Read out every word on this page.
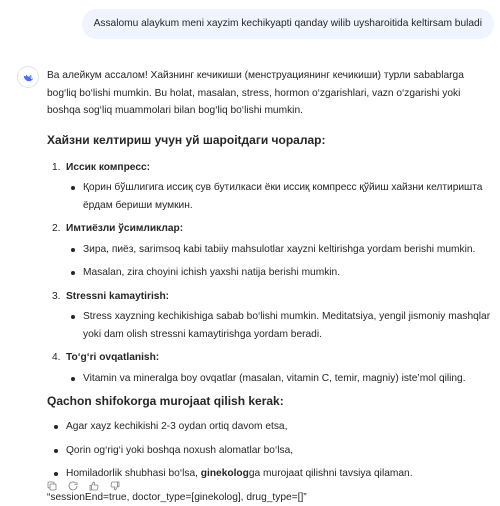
Assalomu alaykum meni xayzim kechikyapti qanday wilib uysharoitida keltirsam buladi

Ва алейкум ассалом! Хайзнинг кечикиши (менструациянинг кечикиши) турли sabablarga bog‘liq bo‘lishi mumkin. Bu holat, masalan, stress, hormon o‘zgarishlari, vazn o‘zgarishi yoki boshqa sog‘liq muammolari bilan bog‘liq bo‘lishi mumkin.

Хайзни келтириш учун уй шароitдаги чоралар:
1. Иссик компресс:
Қорин бўшлигига иссиқ сув бутилкаси ёки иссиқ компресс қўйиш хайзни келтиришта ёрдам бериши мумкин.
2. Имтиёзли ўсимликлар:
Зира, пиёз, sarimsoq kabi tabiiy mahsulotlar xayzni keltirishga yordam berishi mumkin.
Masalan, zira choyini ichish yaxshi natija berishi mumkin.
3. Stressni kamaytirish:
Stress xayzning kechikishiga sabab bo‘lishi mumkin. Meditatsiya, yengil jismoniy mashqlar yoki dam olish stressni kamaytirishga yordam beradi.
4. To‘g‘ri ovqatlanish:
Vitamin va mineralga boy ovqatlar (masalan, vitamin C, temir, magniy) iste’mol qiling.
Qachon shifokorga murojaat qilish kerak:
Agar xayz kechikishi 2-3 oydan ortiq davom etsa,
Qorin og‘rig‘i yoki boshqa noxush alomatlar bo‘lsa,
Homiladorlik shubhasi bo‘lsa, ginekologga murojaat qilishni tavsiya qilaman.

“sessionEnd=true, doctor_type=[ginekolog], drug_type=[]”
